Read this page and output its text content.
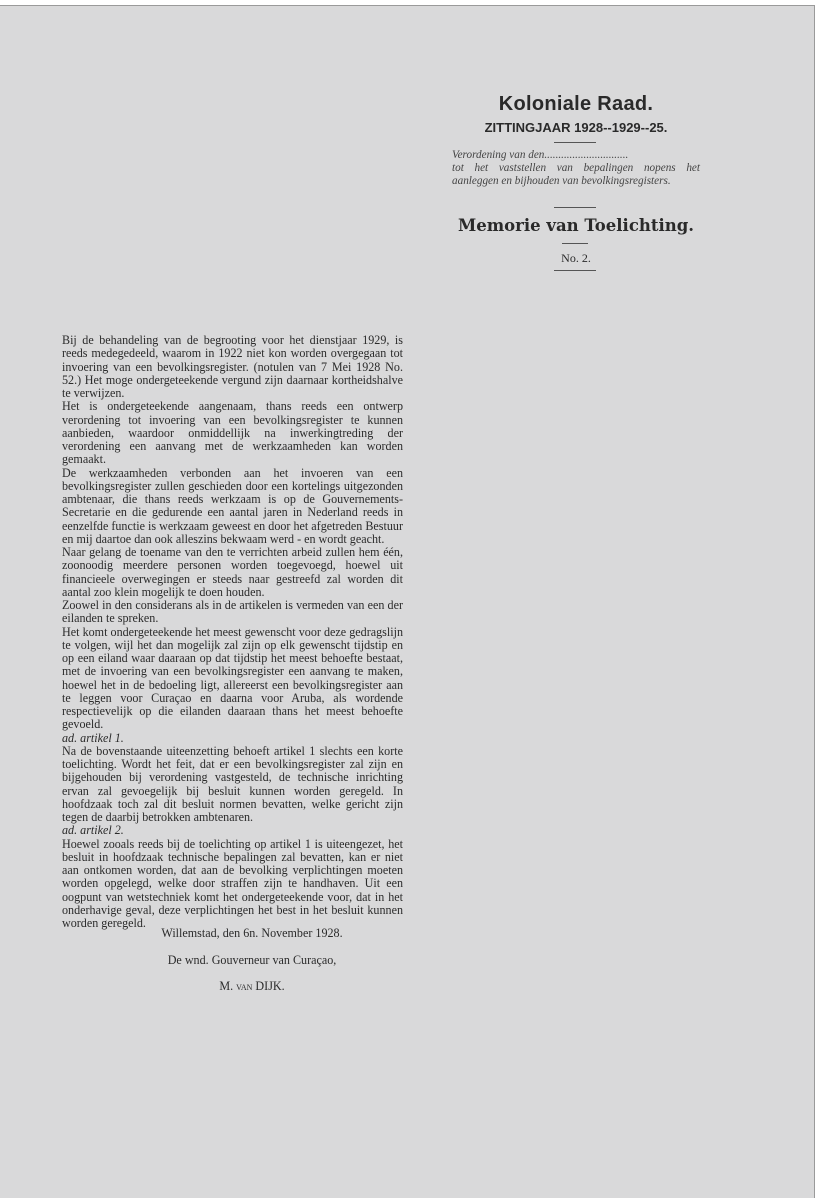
Koloniale Raad.
ZITTINGJAAR 1928--1929--25.
Verordening van den..............................
tot het vaststellen van bepalingen nopens het aanleggen en bijhouden van bevolkingsregisters.
Memorie van Toelichting.
No. 2.

Bij de behandeling van de begrooting voor het dienstjaar 1929, is reeds medegedeeld, waarom in 1922 niet kon worden overgegaan tot invoering van een bevolkingsregister. (notulen van 7 Mei 1928 No. 52.) Het moge ondergeteekende vergund zijn daarnaar kortheidshalve te verwijzen.

Het is ondergeteekende aangenaam, thans reeds een ontwerp verordening tot invoering van een bevolkingsregister te kunnen aanbieden, waardoor onmiddellijk na inwerkingtreding der verordening een aanvang met de werkzaamheden kan worden gemaakt.

De werkzaamheden verbonden aan het invoeren van een bevolkingsregister zullen geschieden door een kortelings uitgezonden ambtenaar, die thans reeds werkzaam is op de Gouvernements-Secretarie en die gedurende een aantal jaren in Nederland reeds in eenzelfde functie is werkzaam geweest en door het afgetreden Bestuur en mij daartoe dan ook alleszins bekwaam werd - en wordt geacht.

Naar gelang de toename van den te verrichten arbeid zullen hem één, zoonoodig meerdere personen worden toegevoegd, hoewel uit financieele overwegingen er steeds naar gestreefd zal worden dit aantal zoo klein mogelijk te doen houden.

Zoowel in den considerans als in de artikelen is vermeden van een der eilanden te spreken.

Het komt ondergeteekende het meest gewenscht voor deze gedragslijn te volgen, wijl het dan mogelijk zal zijn op elk gewenscht tijdstip en op een eiland waar daaraan op dat tijdstip het meest behoefte bestaat, met de invoering van een bevolkingsregister een aanvang te maken, hoewel het in de bedoeling ligt, allereerst een bevolkingsregister aan te leggen voor Curaçao en daarna voor Aruba, als wordende respectievelijk op die eilanden daaraan thans het meest behoefte gevoeld.

ad. artikel 1.

Na de bovenstaande uiteenzetting behoeft artikel 1 slechts een korte toelichting. Wordt het feit, dat er een bevolkingsregister zal zijn en bijgehouden bij verordening vastgesteld, de technische inrichting ervan zal gevoegelijk bij besluit kunnen worden geregeld. In hoofdzaak toch zal dit besluit normen bevatten, welke gericht zijn tegen de daarbij betrokken ambtenaren.

ad. artikel 2.

Hoewel zooals reeds bij de toelichting op artikel 1 is uiteengezet, het besluit in hoofdzaak technische bepalingen zal bevatten, kan er niet aan ontkomen worden, dat aan de bevolking verplichtingen moeten worden opgelegd, welke door straffen zijn te handhaven. Uit een oogpunt van wetstechniek komt het ondergeteekende voor, dat in het onderhavige geval, deze verplichtingen het best in het besluit kunnen worden geregeld.

Willemstad, den 6n. November 1928.
De wnd. Gouverneur van Curaçao,
M. van DIJK.
